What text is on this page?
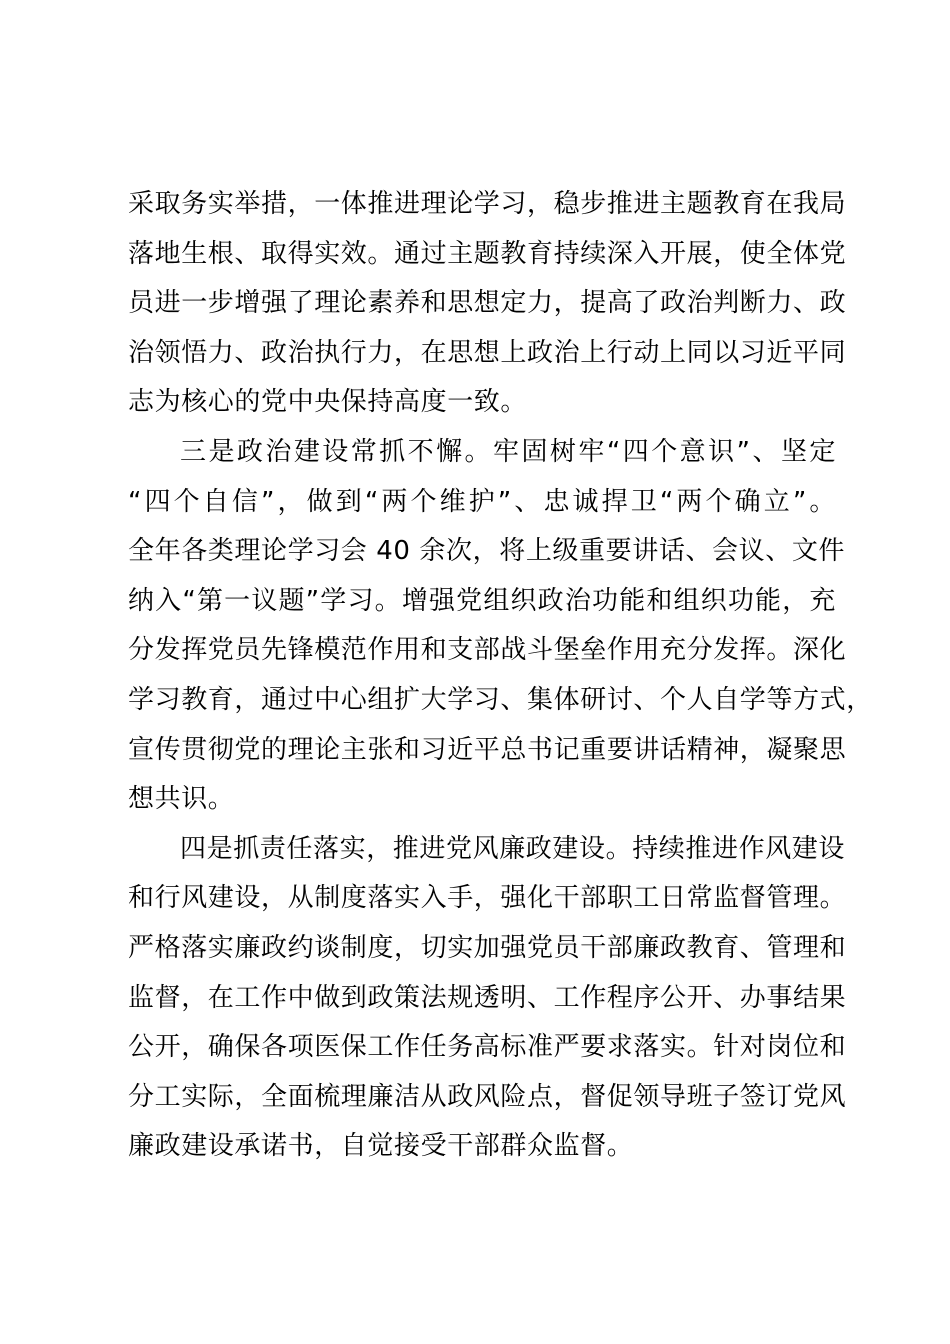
采取务实举措，一体推进理论学习，稳步推进主题教育在我局
落地生根、取得实效。通过主题教育持续深入开展，使全体党
员进一步增强了理论素养和思想定力，提高了政治判断力、政
治领悟力、政治执行力，在思想上政治上行动上同以习近平同
志为核心的党中央保持高度一致。
三是政治建设常抓不懈。牢固树牢“四个意识”、坚定
“四个自信”，做到“两个维护”、忠诚捍卫“两个确立”。
全年各类理论学习会 40 余次，将上级重要讲话、会议、文件
纳入“第一议题”学习。增强党组织政治功能和组织功能，充
分发挥党员先锋模范作用和支部战斗堡垒作用充分发挥。深化
学习教育，通过中心组扩大学习、集体研讨、个人自学等方式，
宣传贯彻党的理论主张和习近平总书记重要讲话精神，凝聚思
想共识。
四是抓责任落实，推进党风廉政建设。持续推进作风建设
和行风建设，从制度落实入手，强化干部职工日常监督管理。
严格落实廉政约谈制度，切实加强党员干部廉政教育、管理和
监督，在工作中做到政策法规透明、工作程序公开、办事结果
公开，确保各项医保工作任务高标准严要求落实。针对岗位和
分工实际，全面梳理廉洁从政风险点，督促领导班子签订党风
廉政建设承诺书，自觉接受干部群众监督。
